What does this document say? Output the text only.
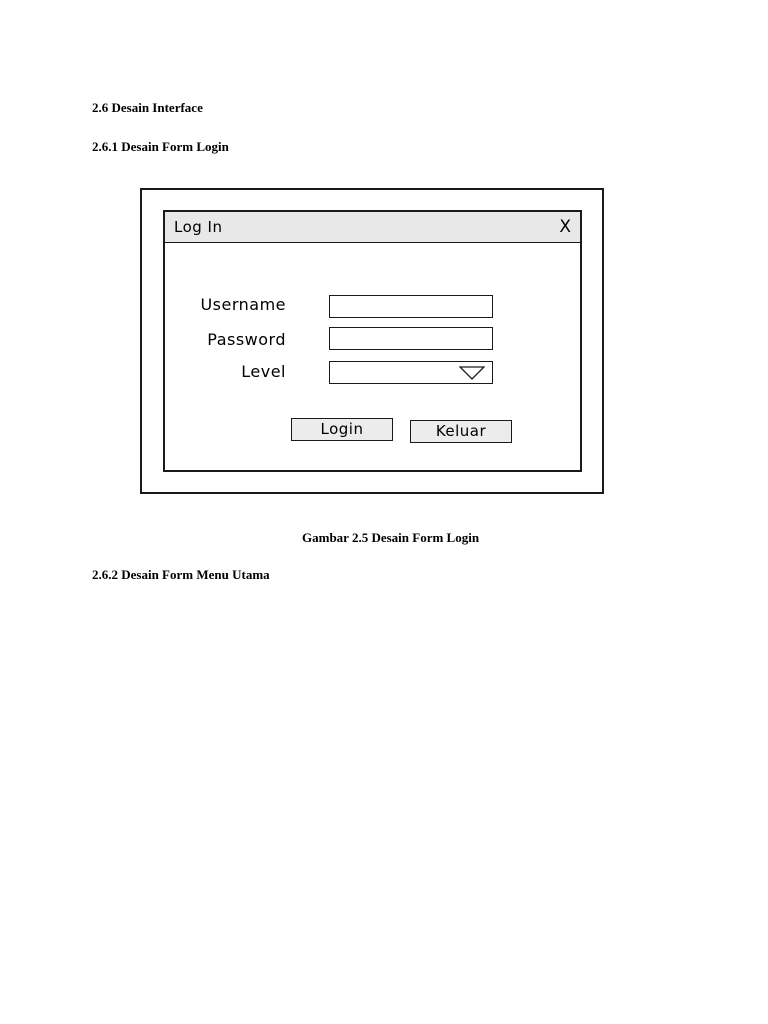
2.6 Desain Interface
2.6.1 Desain Form Login
Log In	X
Username
Password
Level
Login	Keluar
Gambar 2.5 Desain Form Login
2.6.2 Desain Form Menu Utama
